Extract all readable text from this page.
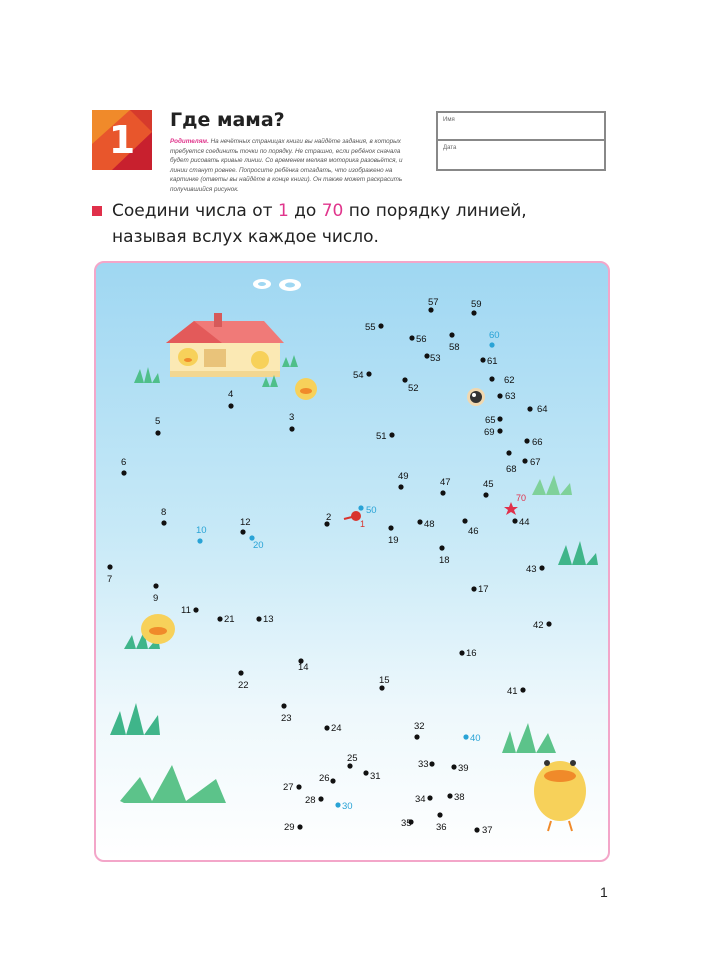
1	Где мама?
Родителям. На нечётных страницах книги вы найдёте задания, в которых требуется соединить точки по порядку. Не страшно, если ребёнок сначала будет рисовать кривые линии. Со временем мелкая моторика разовьётся, и линии станут ровнее. Попросите ребёнка отгадать, что изображено на картинке (ответы вы найдёте в конце книги). Он также может раскрасить получившийся рисунок.
Имя
Дата
Соедини числа от 1 до 70 по порядку линией,
называя вслух каждое число.
1
70
2
3
4
5
6
7
8
9
10
11
12
13
14
15
16
17
18
19
20
21
22
23
24
25
26
27
28
29
30
31
32
33
34
35	36	37
38
39
40
41
42
43
44
45
46
47
48
49
50
51
52
53
54
55
56
57
58
59
60
61
62
63
64
65
66
67
68
69
1
